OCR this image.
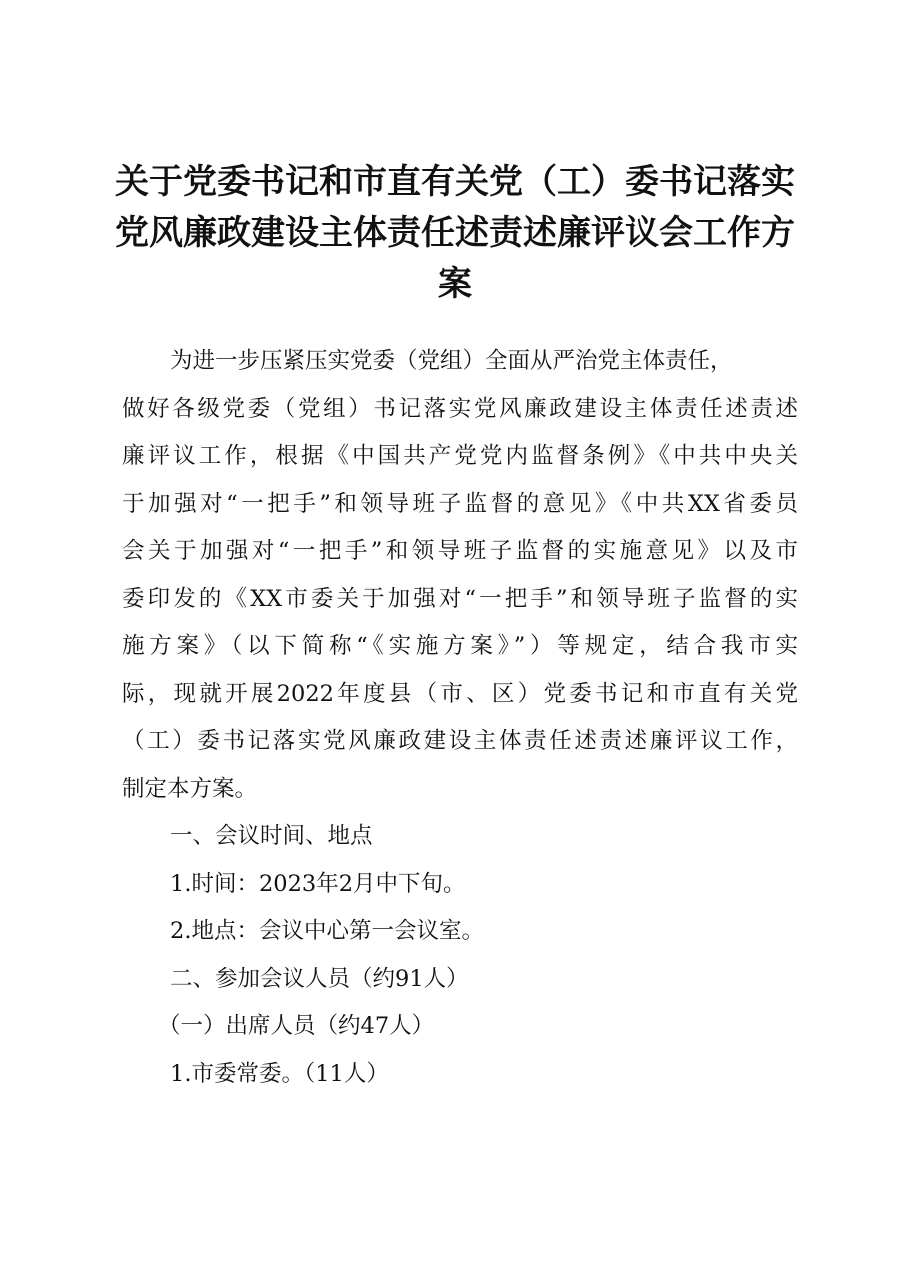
关于党委书记和市直有关党（工）委书记落实
党风廉政建设主体责任述责述廉评议会工作方
案
为进一步压紧压实党委（党组）全面从严治党主体责任，
做好各级党委（党组）书记落实党风廉政建设主体责任述责述
廉评议工作，根据《中国共产党党内监督条例》《中共中央关
于加强对“一把手”和领导班子监督的意见》《中共XX省委员
会关于加强对“一把手”和领导班子监督的实施意见》以及市
委印发的《XX市委关于加强对“一把手”和领导班子监督的实
施方案》（以下简称“《实施方案》”）等规定，结合我市实
际，现就开展2022年度县（市、区）党委书记和市直有关党
（工）委书记落实党风廉政建设主体责任述责述廉评议工作，
制定本方案。
一、会议时间、地点
1.时间：2023年2月中下旬。
2.地点：会议中心第一会议室。
二、参加会议人员（约91人）
（一）出席人员（约47人）
1.市委常委。（11人）
